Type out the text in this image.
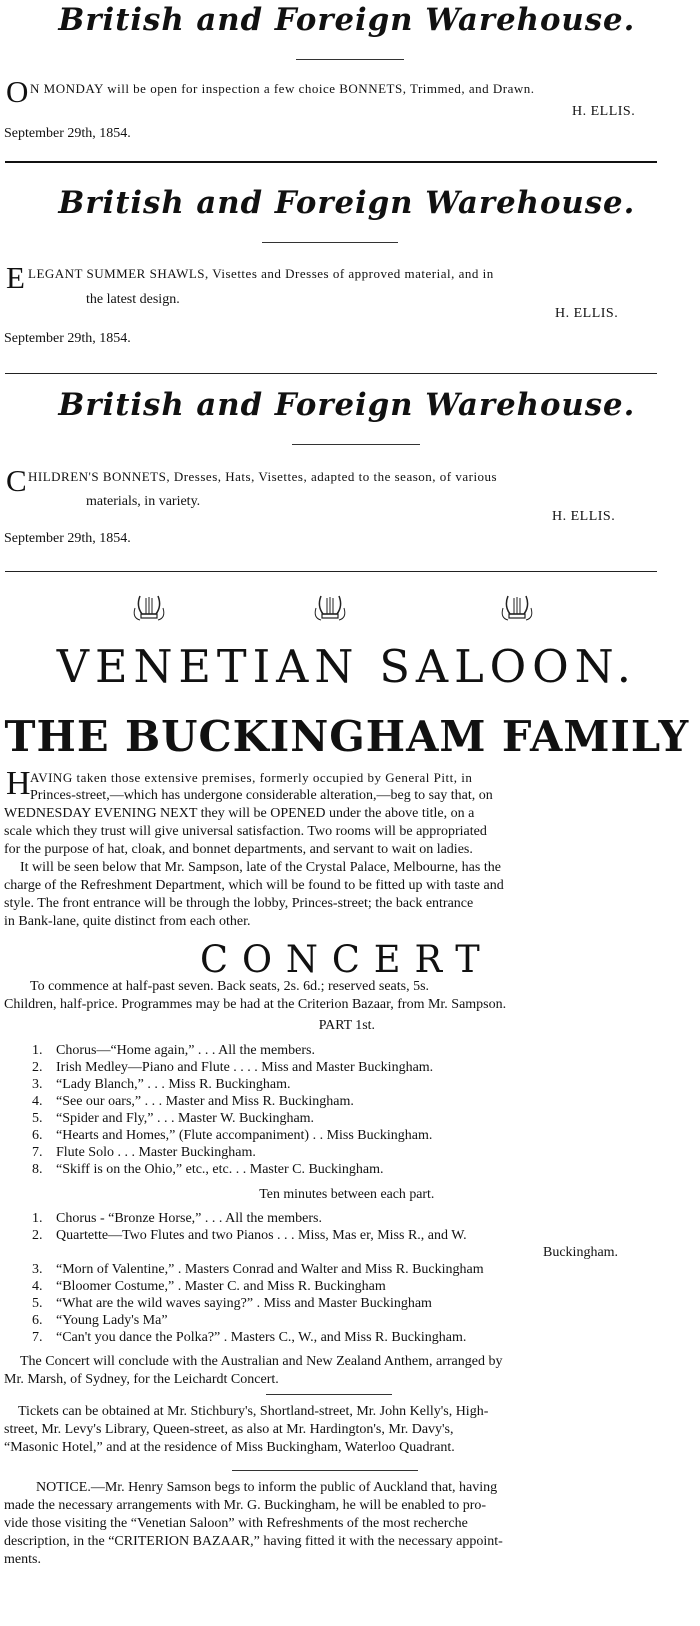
British and Foreign Warehouse.
O N MONDAY will be open for inspection a few choice BONNETS, Trimmed, and Drawn.
H. ELLIS.
September 29th, 1854.
British and Foreign Warehouse.
E LEGANT SUMMER SHAWLS, Visettes and Dresses of approved material, and in
the latest design.
H. ELLIS.
September 29th, 1854.
British and Foreign Warehouse.
C HILDREN'S BONNETS, Dresses, Hats, Visettes, adapted to the season, of various
materials, in variety.
H. ELLIS.
September 29th, 1854.
VENETIAN SALOON.
THE BUCKINGHAM FAMILY
H AVING taken those extensive premises, formerly occupied by General Pitt, in
Princes-street,—which has undergone considerable alteration,—beg to say that, on
WEDNESDAY EVENING NEXT they will be OPENED under the above title, on a
scale which they trust will give universal satisfaction. Two rooms will be appropriated
for the purpose of hat, cloak, and bonnet departments, and servant to wait on ladies.
It will be seen below that Mr. Sampson, late of the Crystal Palace, Melbourne, has the
charge of the Refreshment Department, which will be found to be fitted up with taste and
style. The front entrance will be through the lobby, Princes-street; the back entrance
in Bank-lane, quite distinct from each other.
CONCERT
To commence at half-past seven. Back seats, 2s. 6d.; reserved seats, 5s.
Children, half-price. Programmes may be had at the Criterion Bazaar, from Mr. Sampson.
PART 1st.
1. Chorus—“Home again,” . . . All the members.
2. Irish Medley—Piano and Flute . . . . Miss and Master Buckingham.
3. “Lady Blanch,” . . . Miss R. Buckingham.
4. “See our oars,” . . . Master and Miss R. Buckingham.
5. “Spider and Fly,” . . . Master W. Buckingham.
6. “Hearts and Homes,” (Flute accompaniment) . . Miss Buckingham.
7. Flute Solo . . . Master Buckingham.
8. “Skiff is on the Ohio,” etc., etc. . . Master C. Buckingham.
Ten minutes between each part.
1. Chorus - “Bronze Horse,” . . . All the members.
2. Quartette—Two Flutes and two Pianos . . . Miss, Mas er, Miss R., and W.
Buckingham.
3. “Morn of Valentine,” . Masters Conrad and Walter and Miss R. Buckingham
4. “Bloomer Costume,” . Master C. and Miss R. Buckingham
5. “What are the wild waves saying?” . Miss and Master Buckingham
6. “Young Lady's Ma”
7. “Can't you dance the Polka?” . Masters C., W., and Miss R. Buckingham.
The Concert will conclude with the Australian and New Zealand Anthem, arranged by
Mr. Marsh, of Sydney, for the Leichardt Concert.
Tickets can be obtained at Mr. Stichbury's, Shortland-street, Mr. John Kelly's, High-
street, Mr. Levy's Library, Queen-street, as also at Mr. Hardington's, Mr. Davy's,
“Masonic Hotel,” and at the residence of Miss Buckingham, Waterloo Quadrant.
NOTICE.—Mr. Henry Samson begs to inform the public of Auckland that, having
made the necessary arrangements with Mr. G. Buckingham, he will be enabled to pro-
vide those visiting the “Venetian Saloon” with Refreshments of the most recherche
description, in the “CRITERION BAZAAR,” having fitted it with the necessary appoint-
ments.
